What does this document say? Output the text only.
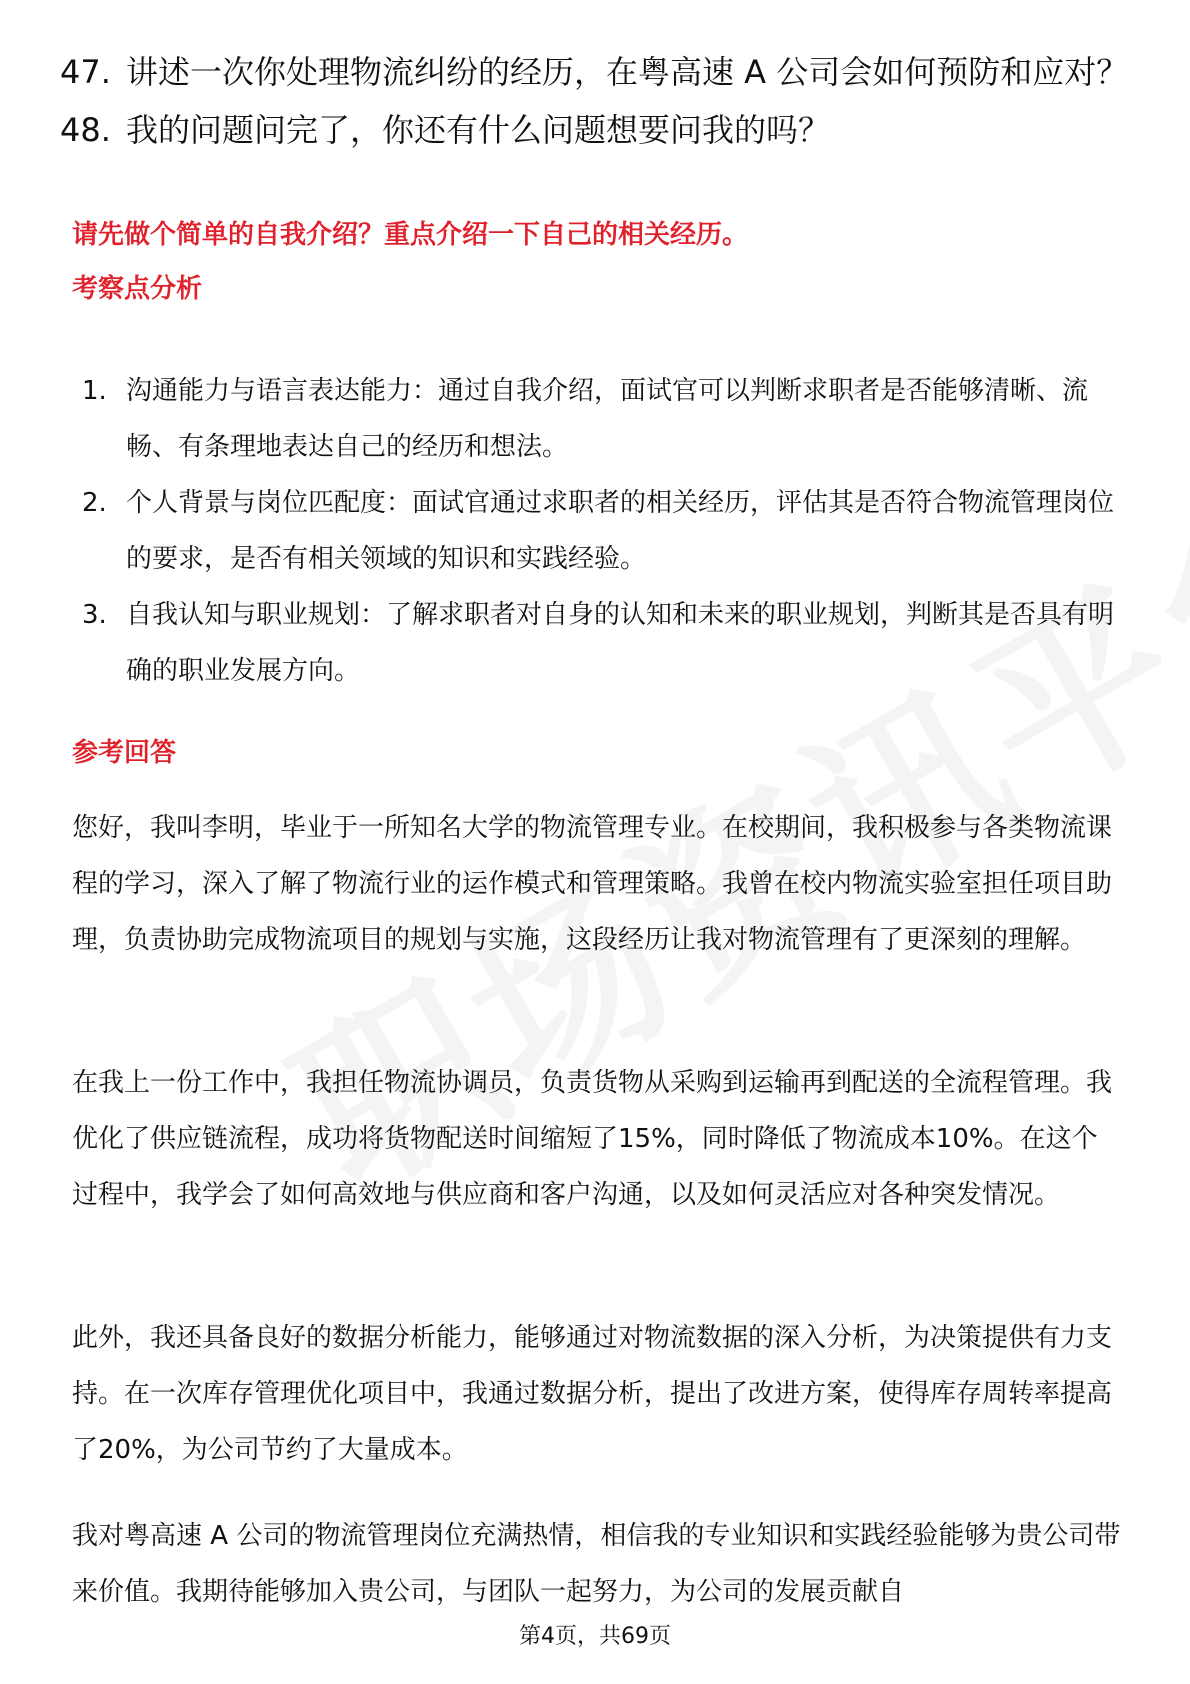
47. 讲述一次你处理物流纠纷的经历，在粤高速 A 公司会如何预防和应对？
48. 我的问题问完了，你还有什么问题想要问我的吗？
请先做个简单的自我介绍？重点介绍一下自己的相关经历。
考察点分析
1. 沟通能力与语言表达能力：通过自我介绍，面试官可以判断求职者是否能够清晰、流畅、有条理地表达自己的经历和想法。
2. 个人背景与岗位匹配度：面试官通过求职者的相关经历，评估其是否符合物流管理岗位的要求，是否有相关领域的知识和实践经验。
3. 自我认知与职业规划：了解求职者对自身的认知和未来的职业规划，判断其是否具有明确的职业发展方向。
参考回答

您好，我叫李明，毕业于一所知名大学的物流管理专业。在校期间，我积极参与各类物流课程的学习，深入了解了物流行业的运作模式和管理策略。我曾在校内物流实验室担任项目助理，负责协助完成物流项目的规划与实施，这段经历让我对物流管理有了更深刻的理解。

在我上一份工作中，我担任物流协调员，负责货物从采购到运输再到配送的全流程管理。我优化了供应链流程，成功将货物配送时间缩短了15%，同时降低了物流成本10%。在这个过程中，我学会了如何高效地与供应商和客户沟通，以及如何灵活应对各种突发情况。

此外，我还具备良好的数据分析能力，能够通过对物流数据的深入分析，为决策提供有力支持。在一次库存管理优化项目中，我通过数据分析，提出了改进方案，使得库存周转率提高了20%，为公司节约了大量成本。

我对粤高速 A 公司的物流管理岗位充满热情，相信我的专业知识和实践经验能够为贵公司带来价值。我期待能够加入贵公司，与团队一起努力，为公司的发展贡献自

第4页，共69页
